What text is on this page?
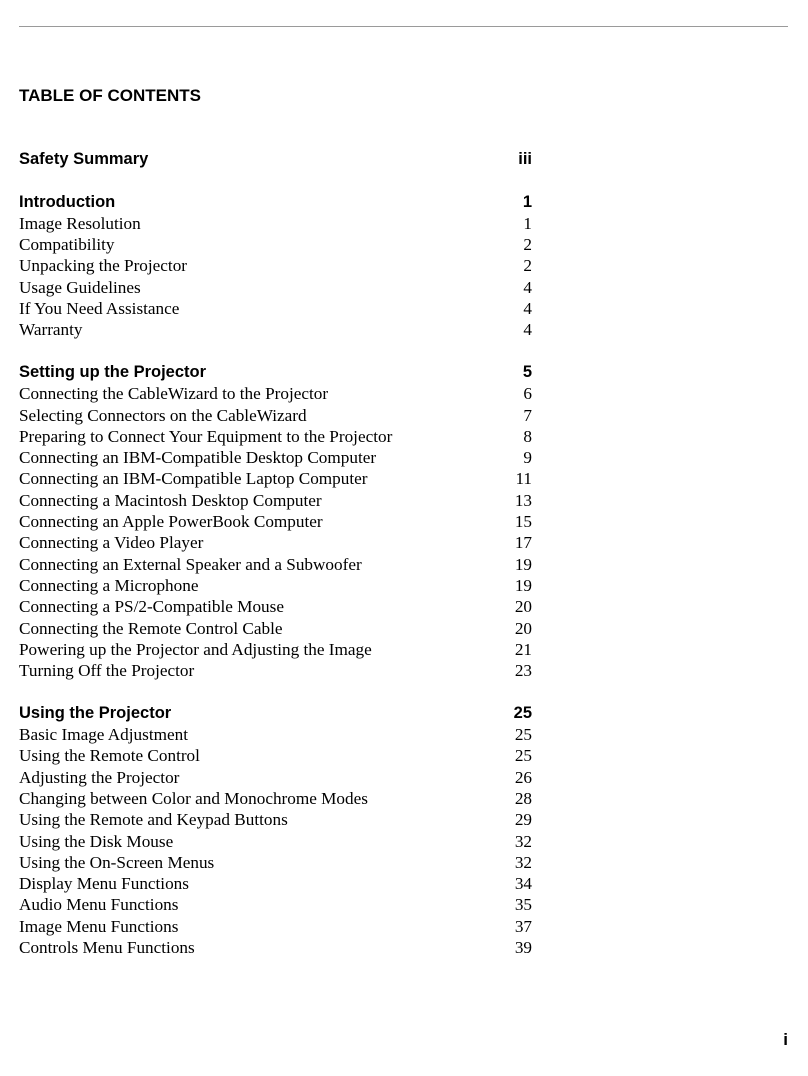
TABLE OF CONTENTS
Safety Summary	iii
Introduction	1
Image Resolution	1
Compatibility	2
Unpacking the Projector	2
Usage Guidelines	4
If You Need Assistance	4
Warranty	4
Setting up the Projector	5
Connecting the CableWizard to the Projector	6
Selecting Connectors on the CableWizard	7
Preparing to Connect Your Equipment to the Projector	8
Connecting an IBM-Compatible Desktop Computer	9
Connecting an IBM-Compatible Laptop Computer	11
Connecting a Macintosh Desktop Computer	13
Connecting an Apple PowerBook Computer	15
Connecting a Video Player	17
Connecting an External Speaker and a Subwoofer	19
Connecting a Microphone	19
Connecting a PS/2-Compatible Mouse	20
Connecting the Remote Control Cable	20
Powering up the Projector and Adjusting the Image	21
Turning Off the Projector	23
Using the Projector	25
Basic Image Adjustment	25
Using the Remote Control	25
Adjusting the Projector	26
Changing between Color and Monochrome Modes	28
Using the Remote and Keypad Buttons	29
Using the Disk Mouse	32
Using the On-Screen Menus	32
Display Menu Functions	34
Audio Menu Functions	35
Image Menu Functions	37
Controls Menu Functions	39
i
